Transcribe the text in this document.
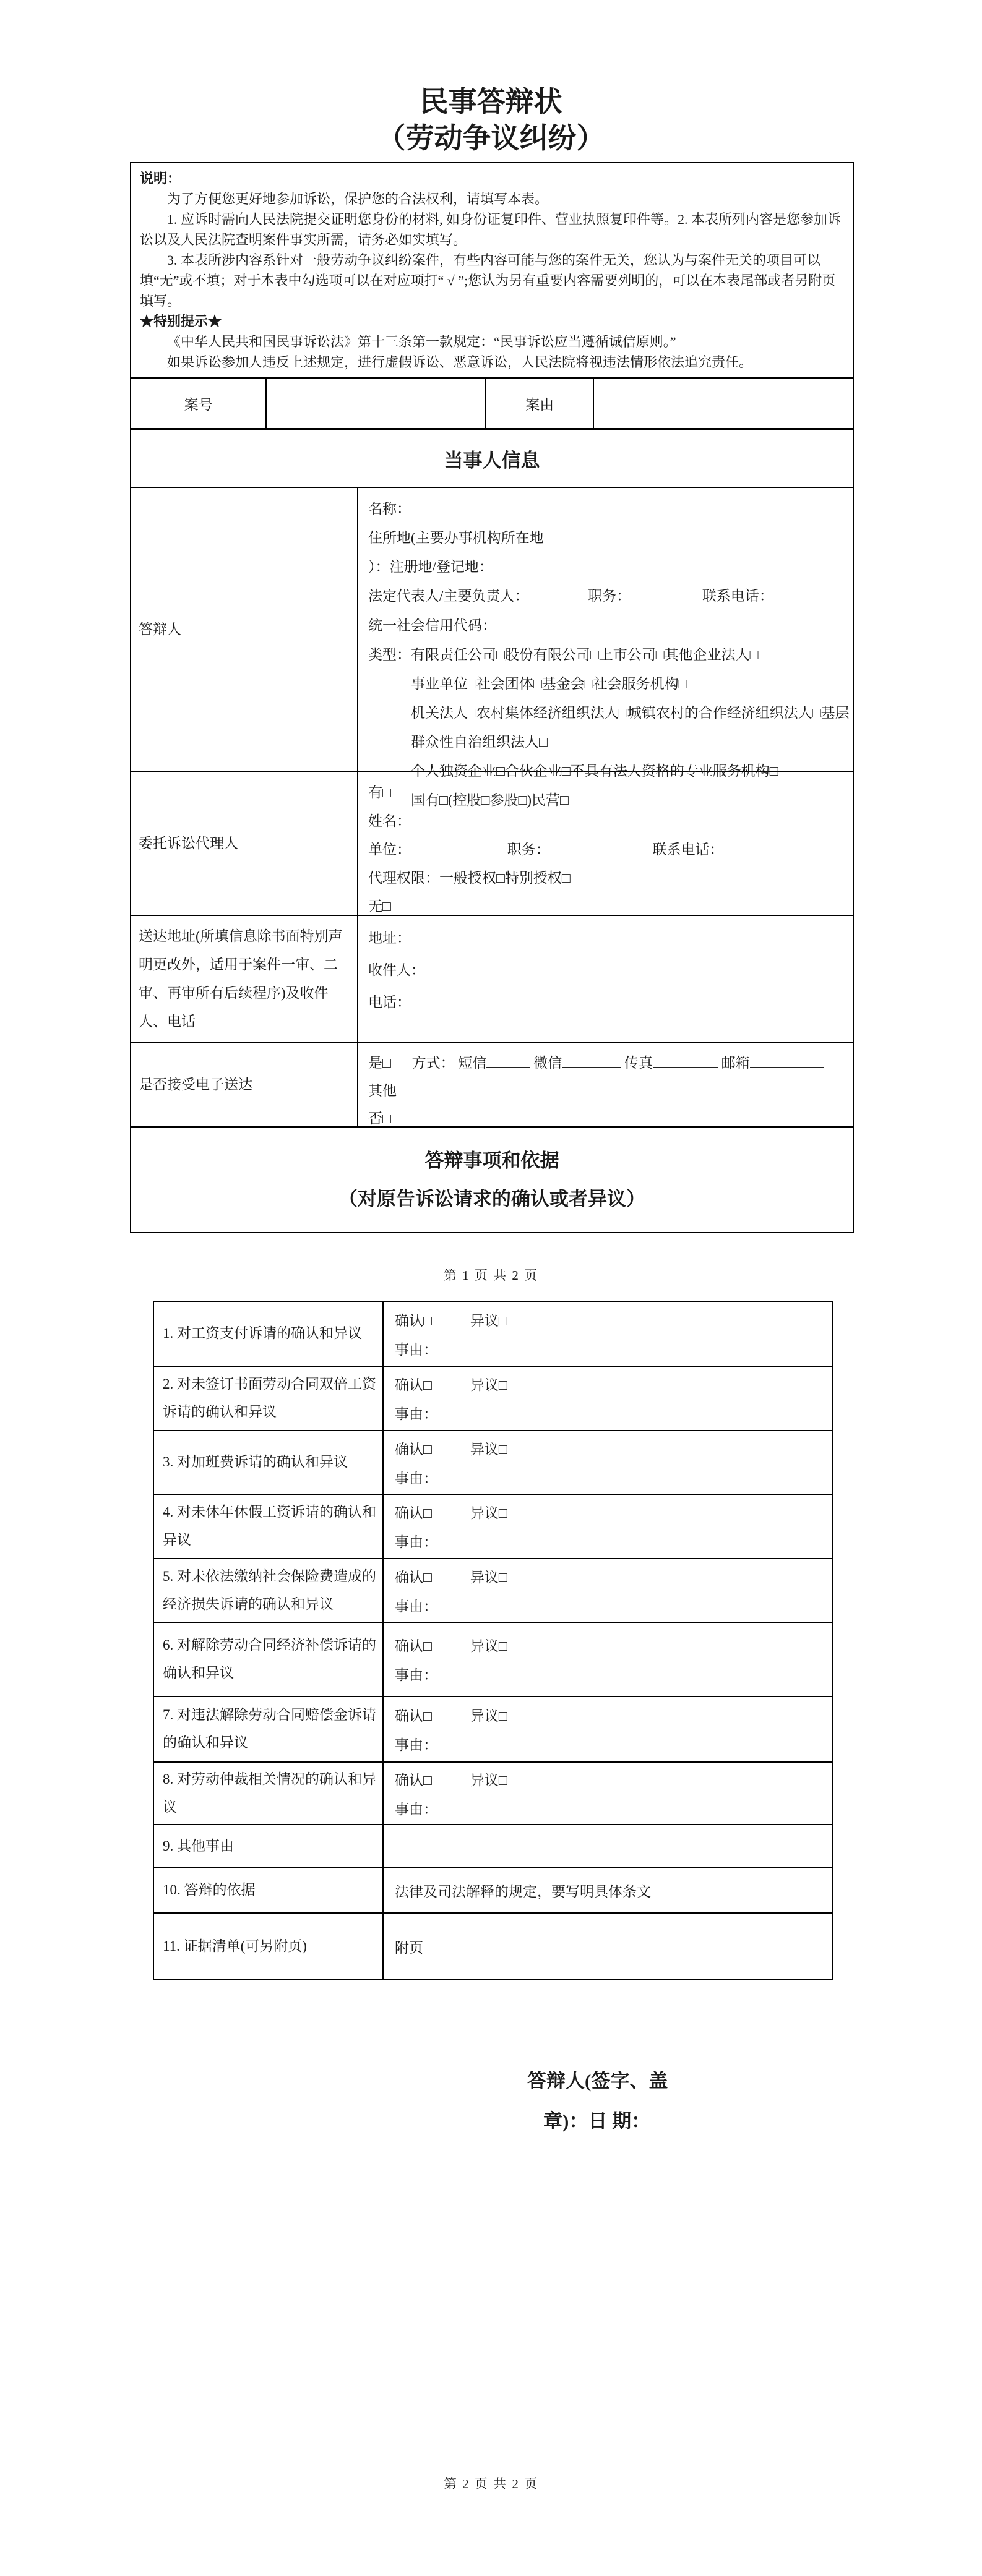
民事答辩状
（劳动争议纠纷）
说明：

为了方便您更好地参加诉讼，保护您的合法权利，请填写本表。

1. 应诉时需向人民法院提交证明您身份的材料, 如身份证复印件、营业执照复印件等。2. 本表所列内容是您参加诉讼以及人民法院查明案件事实所需，请务必如实填写。

3. 本表所涉内容系针对一般劳动争议纠纷案件，有些内容可能与您的案件无关，您认为与案件无关的项目可以填“无”或不填；对于本表中勾选项可以在对应项打“ √ ”;您认为另有重要内容需要列明的，可以在本表尾部或者另附页填写。

★特别提示★

《中华人民共和国民事诉讼法》第十三条第一款规定：“民事诉讼应当遵循诚信原则。”

如果诉讼参加人违反上述规定，进行虚假诉讼、恶意诉讼，人民法院将视违法情形依法追究责任。

案号	案由
当事人信息
答辩人
名称：
住所地(主要办事机构所在地
）：注册地/登记地：
法定代表人/主要负责人：	职务：	联系电话：
统一社会信用代码：
类型： 有限责任公司□股份有限公司□上市公司□其他企业法人□
事业单位□社会团体□基金会□社会服务机构□
机关法人□农村集体经济组织法人□城镇农村的合作经济组织法人□基层群众性自治组织法人□
个人独资企业□合伙企业□不具有法人资格的专业服务机构□
国有□(控股□参股□)民营□
委托诉讼代理人
有□
姓名：
单位：	职务：	联系电话：
代理权限：一般授权□特别授权□
无□
送达地址(所填信息除书面特别声明更改外，适用于案件一审、二审、再审所有后续程序)及收件人、电话
地址：
收件人：
电话：
是否接受电子送达
是□ 方式： 短信	微信	传真	邮箱
其他
否□
答辩事项和依据
（对原告诉讼请求的确认或者异议）
第 1 页 共 2 页
1. 对工资支付诉请的确认和异议
确认□	异议□
事由：
2. 对未签订书面劳动合同双倍工资诉请的确认和异议
确认□	异议□
事由：
3. 对加班费诉请的确认和异议
确认□	异议□
事由：
4. 对未休年休假工资诉请的确认和异议
确认□	异议□
事由：
5. 对未依法缴纳社会保险费造成的经济损失诉请的确认和异议
确认□	异议□
事由：
6. 对解除劳动合同经济补偿诉请的确认和异议
确认□	异议□
事由：
7. 对违法解除劳动合同赔偿金诉请的确认和异议
确认□	异议□
事由：
8. 对劳动仲裁相关情况的确认和异议
确认□	异议□
事由：
9. 其他事由
10. 答辩的依据	法律及司法解释的规定，要写明具体条文
11. 证据清单(可另附页)	附页
答辩人(签字、盖
章)：日 期：
第 2 页 共 2 页
